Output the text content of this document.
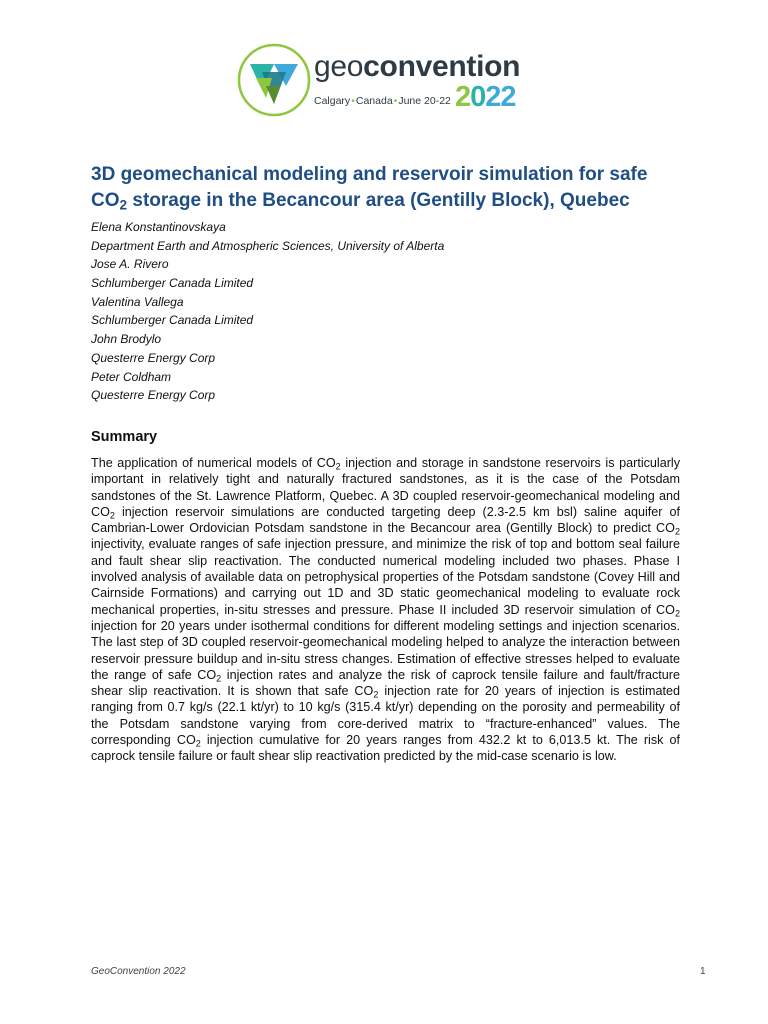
geoconvention
Calgary•Canada•June 20-22 2022
3D geomechanical modeling and reservoir simulation for safe
$CO_2$ storage in the Becancour area (Gentilly Block), Quebec
Elena Konstantinovskaya
Department Earth and Atmospheric Sciences, University of Alberta
Jose A. Rivero
Schlumberger Canada Limited
Valentina Vallega
Schlumberger Canada Limited
John Brodylo
Questerre Energy Corp
Peter Coldham
Questerre Energy Corp
Summary

The application of numerical models of $CO_2$ injection and storage in sandstone reservoirs is particularly important in relatively tight and naturally fractured sandstones, as it is the case of the Potsdam sandstones of the St. Lawrence Platform, Quebec. A 3D coupled reservoir-geomechanical modeling and $CO_2$ injection reservoir simulations are conducted targeting deep (2.3-2.5 km bsl) saline aquifer of Cambrian-Lower Ordovician Potsdam sandstone in the Becancour area (Gentilly Block) to predict $CO_2$ injectivity, evaluate ranges of safe injection pressure, and minimize the risk of top and bottom seal failure and fault shear slip reactivation. The conducted numerical modeling included two phases. Phase I involved analysis of available data on petrophysical properties of the Potsdam sandstone (Covey Hill and Cairnside Formations) and carrying out 1D and 3D static geomechanical modeling to evaluate rock mechanical properties, in-situ stresses and pressure. Phase II included 3D reservoir simulation of $CO_2$ injection for 20 years under isothermal conditions for different modeling settings and injection scenarios. The last step of 3D coupled reservoir-geomechanical modeling helped to analyze the interaction between reservoir pressure buildup and in-situ stress changes. Estimation of effective stresses helped to evaluate the range of safe $CO_2$ injection rates and analyze the risk of caprock tensile failure and fault/fracture shear slip reactivation. It is shown that safe $CO_2$ injection rate for 20 years of injection is estimated ranging from 0.7 kg/s (22.1 kt/yr) to 10 kg/s (315.4 kt/yr) depending on the porosity and permeability of the Potsdam sandstone varying from core-derived matrix to “fracture-enhanced” values. The corresponding $CO_2$ injection cumulative for 20 years ranges from 432.2 kt to 6,013.5 kt. The risk of caprock tensile failure or fault shear slip reactivation predicted by the mid-case scenario is low.

GeoConvention 2022	1
